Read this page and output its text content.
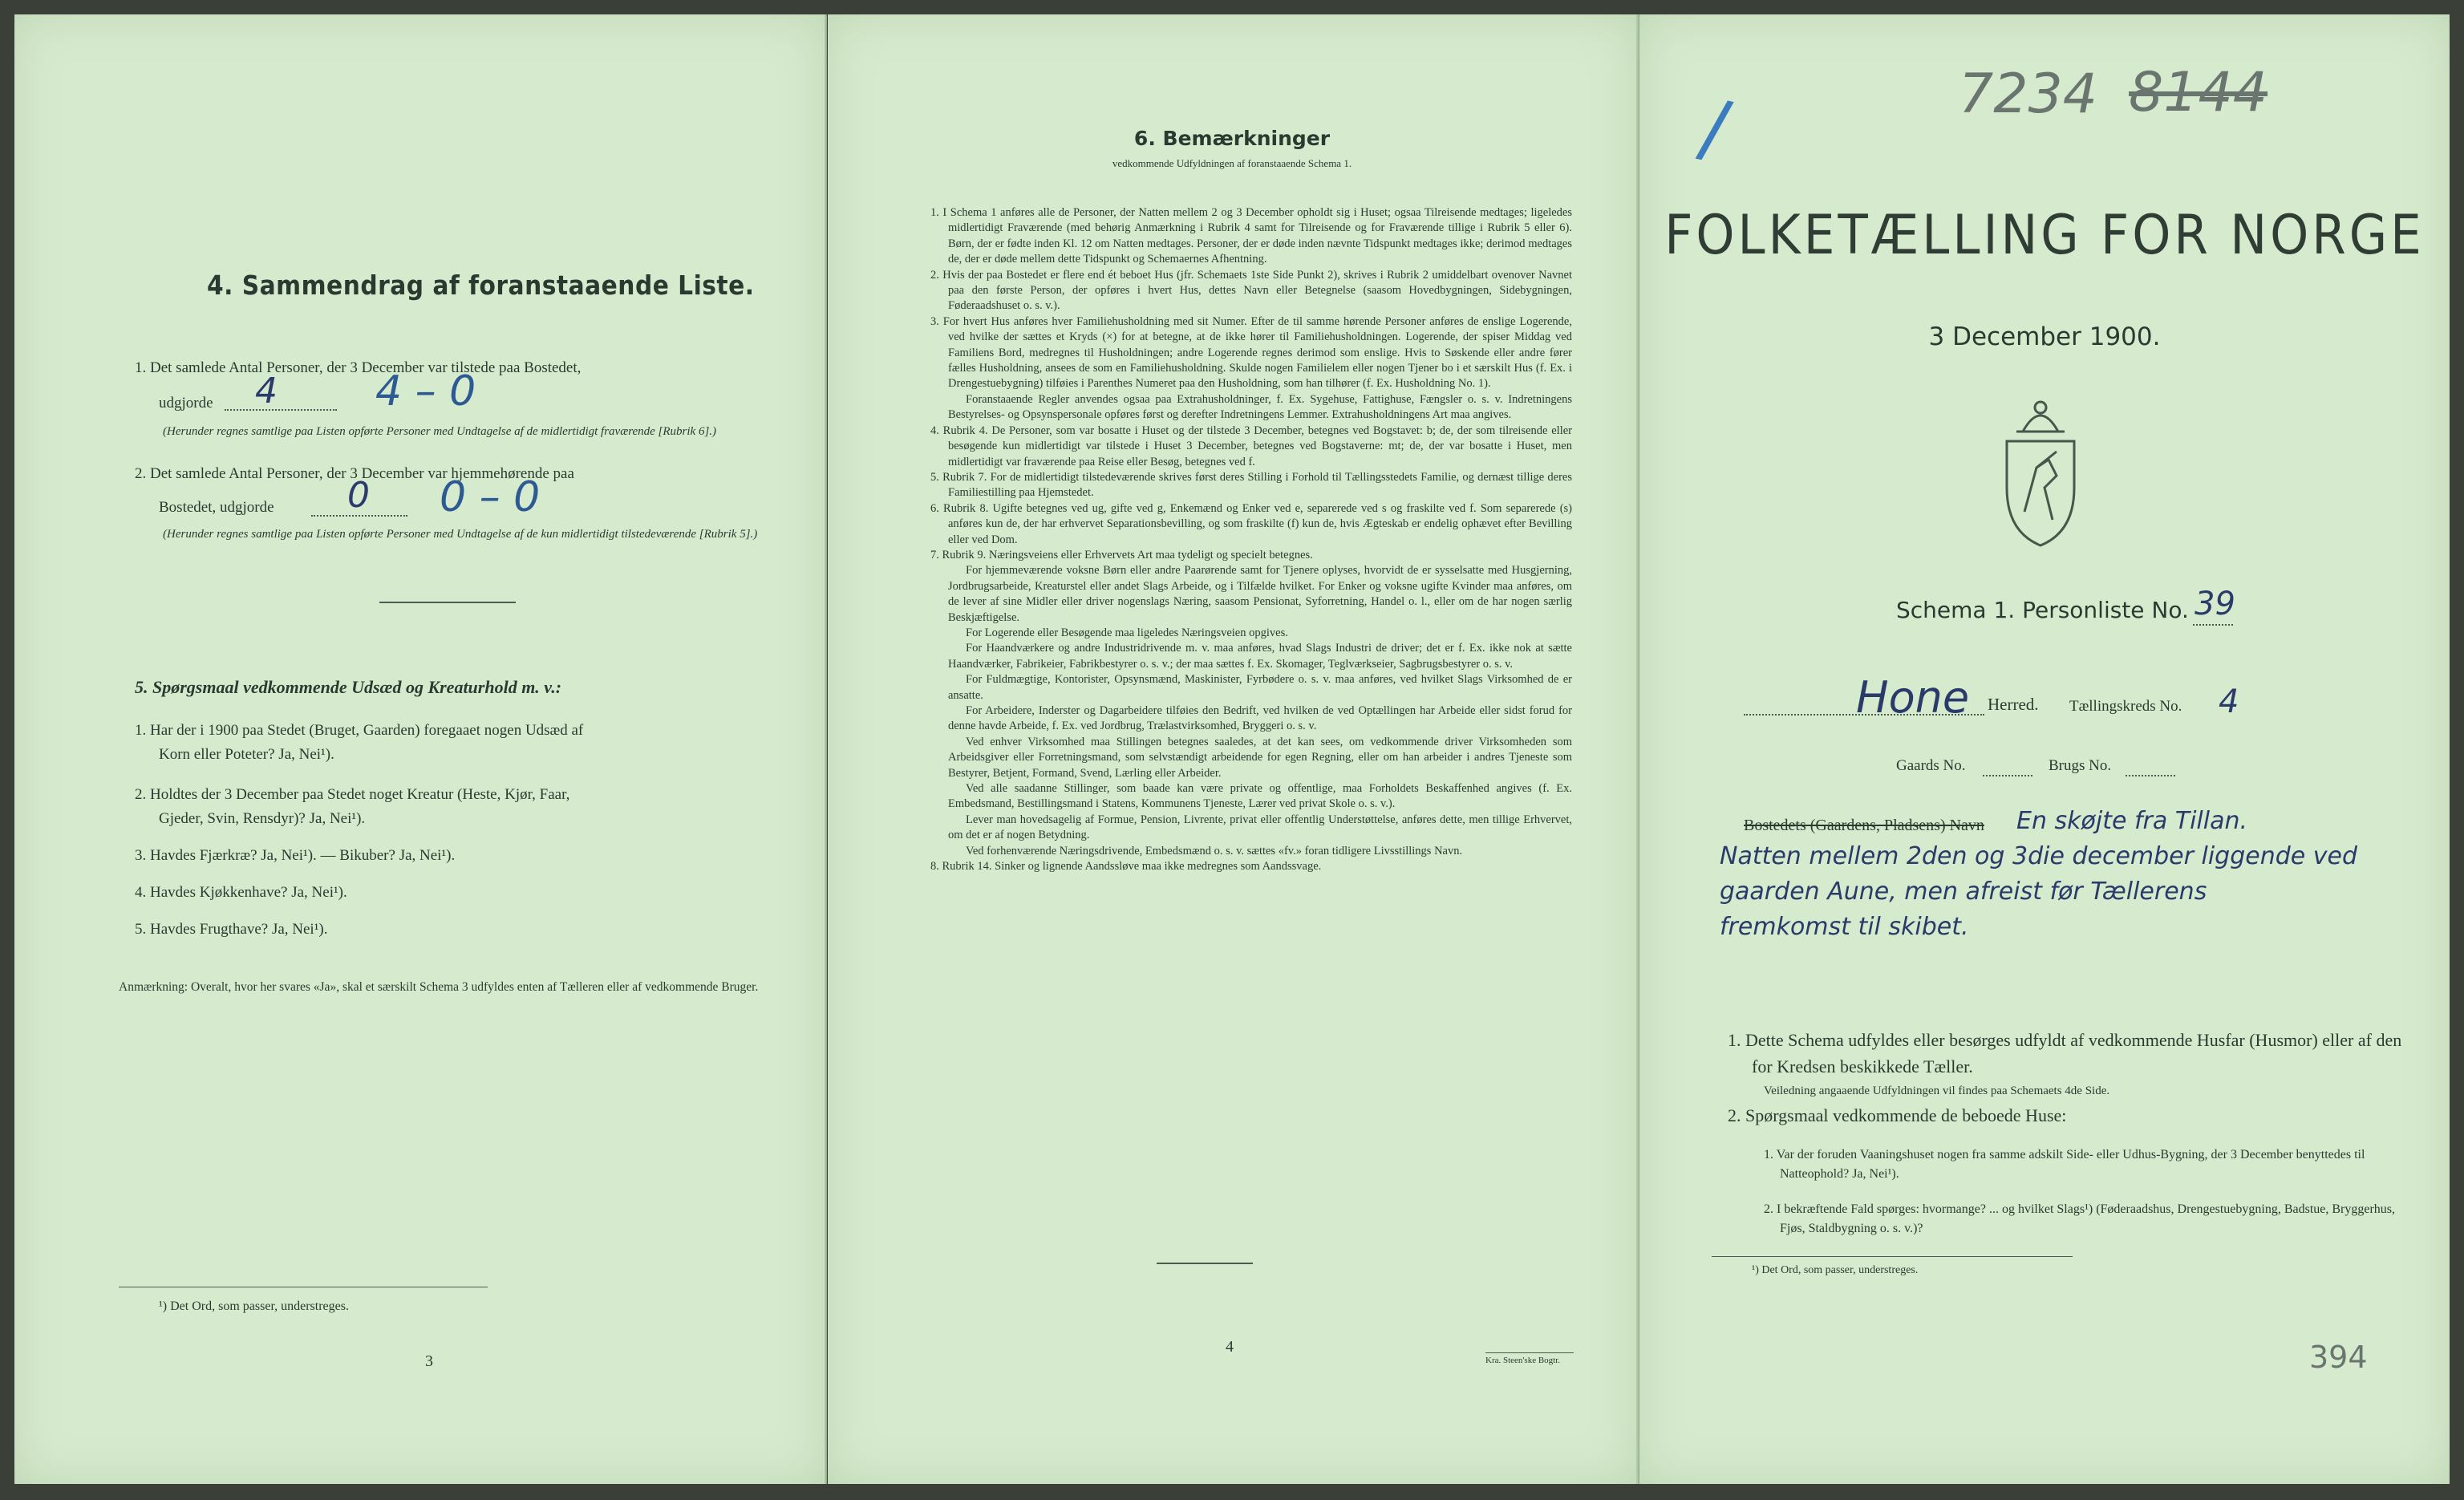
4. Sammendrag af foranstaaende Liste.
1. Det samlede Antal Personer, der 3 December var tilstede paa Bostedet,
udgjorde 4 4 – 0
(Herunder regnes samtlige paa Listen opførte Personer med Undtagelse af de midlertidigt fraværende [Rubrik 6].)
2. Det samlede Antal Personer, der 3 December var hjemmehørende paa
Bostedet, udgjorde 0 0 – 0
(Herunder regnes samtlige paa Listen opførte Personer med Undtagelse af de kun midlertidigt tilstedeværende [Rubrik 5].)
5. Spørgsmaal vedkommende Udsæd og Kreaturhold m. v.:
1. Har der i 1900 paa Stedet (Bruget, Gaarden) foregaaet nogen Udsæd af
Korn eller Poteter? Ja, Nei¹).
2. Holdtes der 3 December paa Stedet noget Kreatur (Heste, Kjør, Faar,
Gjeder, Svin, Rensdyr)? Ja, Nei¹).
3. Havdes Fjærkræ? Ja, Nei¹). — Bikuber? Ja, Nei¹).
4. Havdes Kjøkkenhave? Ja, Nei¹).
5. Havdes Frugthave? Ja, Nei¹).
Anmærkning: Overalt, hvor her svares «Ja», skal et særskilt Schema 3 udfyldes enten af Tælleren eller af vedkommende Bruger.
¹) Det Ord, som passer, understreges.
3
6. Bemærkninger
vedkommende Udfyldningen af foranstaaende Schema 1.
1. I Schema 1 anføres alle de Personer, der Natten mellem 2 og 3 December opholdt sig i Huset; ogsaa Tilreisende medtages; ligeledes midlertidigt Fraværende (med behørig Anmærkning i Rubrik 4 samt for Tilreisende og for Fraværende tillige i Rubrik 5 eller 6). Børn, der er fødte inden Kl. 12 om Natten medtages. Personer, der er døde inden nævnte Tidspunkt medtages ikke; derimod medtages de, der er døde mellem dette Tidspunkt og Schemaernes Afhentning.
2. Hvis der paa Bostedet er flere end ét beboet Hus (jfr. Schemaets 1ste Side Punkt 2), skrives i Rubrik 2 umiddelbart ovenover Navnet paa den første Person, der opføres i hvert Hus, dettes Navn eller Betegnelse (saasom Hovedbygningen, Sidebygningen, Føderaadshuset o. s. v.).
3. For hvert Hus anføres hver Familiehusholdning med sit Numer. Efter de til samme hørende Personer anføres de enslige Logerende, ved hvilke der sættes et Kryds (×) for at betegne, at de ikke hører til Familiehusholdningen. Logerende, der spiser Middag ved Familiens Bord, medregnes til Husholdningen; andre Logerende regnes derimod som enslige. Hvis to Søskende eller andre fører fælles Husholdning, ansees de som en Familiehusholdning. Skulde nogen Familielem eller nogen Tjener bo i et særskilt Hus (f. Ex. i Drengestuebygning) tilføies i Parenthes Numeret paa den Husholdning, som han tilhører (f. Ex. Husholdning No. 1).
Foranstaaende Regler anvendes ogsaa paa Extrahusholdninger, f. Ex. Sygehuse, Fattighuse, Fængsler o. s. v. Indretningens Bestyrelses- og Opsynspersonale opføres først og derefter Indretningens Lemmer. Extrahusholdningens Art maa angives.
4. Rubrik 4. De Personer, som var bosatte i Huset og der tilstede 3 December, betegnes ved Bogstavet: b; de, der som tilreisende eller besøgende kun midlertidigt var tilstede i Huset 3 December, betegnes ved Bogstaverne: mt; de, der var bosatte i Huset, men midlertidigt var fraværende paa Reise eller Besøg, betegnes ved f.
5. Rubrik 7. For de midlertidigt tilstedeværende skrives først deres Stilling i Forhold til Tællingsstedets Familie, og dernæst tillige deres Familiestilling paa Hjemstedet.
6. Rubrik 8. Ugifte betegnes ved ug, gifte ved g, Enkemænd og Enker ved e, separerede ved s og fraskilte ved f. Som separerede (s) anføres kun de, der har erhvervet Separationsbevilling, og som fraskilte (f) kun de, hvis Ægteskab er endelig ophævet efter Bevilling eller ved Dom.
7. Rubrik 9. Næringsveiens eller Erhvervets Art maa tydeligt og specielt betegnes.
For hjemmeværende voksne Børn eller andre Paarørende samt for Tjenere oplyses, hvorvidt de er sysselsatte med Husgjerning, Jordbrugsarbeide, Kreaturstel eller andet Slags Arbeide, og i Tilfælde hvilket. For Enker og voksne ugifte Kvinder maa anføres, om de lever af sine Midler eller driver nogenslags Næring, saasom Pensionat, Syforretning, Handel o. l., eller om de har nogen særlig Beskjæftigelse.
For Logerende eller Besøgende maa ligeledes Næringsveien opgives.
For Haandværkere og andre Industridrivende m. v. maa anføres, hvad Slags Industri de driver; det er f. Ex. ikke nok at sætte Haandværker, Fabrikeier, Fabrikbestyrer o. s. v.; der maa sættes f. Ex. Skomager, Teglværkseier, Sagbrugsbestyrer o. s. v.
For Fuldmægtige, Kontorister, Opsynsmænd, Maskinister, Fyrbødere o. s. v. maa anføres, ved hvilket Slags Virksomhed de er ansatte.
For Arbeidere, Inderster og Dagarbeidere tilføies den Bedrift, ved hvilken de ved Optællingen har Arbeide eller sidst forud for denne havde Arbeide, f. Ex. ved Jordbrug, Trælastvirksomhed, Bryggeri o. s. v.
Ved enhver Virksomhed maa Stillingen betegnes saaledes, at det kan sees, om vedkommende driver Virksomheden som Arbeidsgiver eller Forretningsmand, som selvstændigt arbeidende for egen Regning, eller om han arbeider i andres Tjeneste som Bestyrer, Betjent, Formand, Svend, Lærling eller Arbeider.
Ved alle saadanne Stillinger, som baade kan være private og offentlige, maa Forholdets Beskaffenhed angives (f. Ex. Embedsmand, Bestillingsmand i Statens, Kommunens Tjeneste, Lærer ved privat Skole o. s. v.).
Lever man hovedsagelig af Formue, Pension, Livrente, privat eller offentlig Understøttelse, anføres dette, men tillige Erhvervet, om det er af nogen Betydning.
Ved forhenværende Næringsdrivende, Embedsmænd o. s. v. sættes «fv.» foran tidligere Livsstillings Navn.
8. Rubrik 14. Sinker og lignende Aandssløve maa ikke medregnes som Aandssvage.
4
Kra. Steen'ske Bogtr.
7234 8144
/
FOLKETÆLLING FOR NORGE
3 December 1900.
Schema 1. Personliste No. 39
Hone Herred. Tællingskreds No. 4
Gaards No.	Brugs No.
Bostedets (Gaardens, Pladsens) Navn En skøjte fra Tillan.
Natten mellem 2den og 3die december liggende ved
gaarden Aune, men afreist før Tællerens
fremkomst til skibet.
1. Dette Schema udfyldes eller besørges udfyldt af vedkommende Husfar (Husmor) eller af den for Kredsen beskikkede Tæller.
Veiledning angaaende Udfyldningen vil findes paa Schemaets 4de Side.
2. Spørgsmaal vedkommende de beboede Huse:
1. Var der foruden Vaaningshuset nogen fra samme adskilt Side- eller Udhus-Bygning, der 3 December benyttedes til Natteophold? Ja, Nei¹).
2. I bekræftende Fald spørges: hvormange? ... og hvilket Slags¹) (Føderaadshus, Drengestuebygning, Badstue, Bryggerhus, Fjøs, Staldbygning o. s. v.)?
¹) Det Ord, som passer, understreges.
394
